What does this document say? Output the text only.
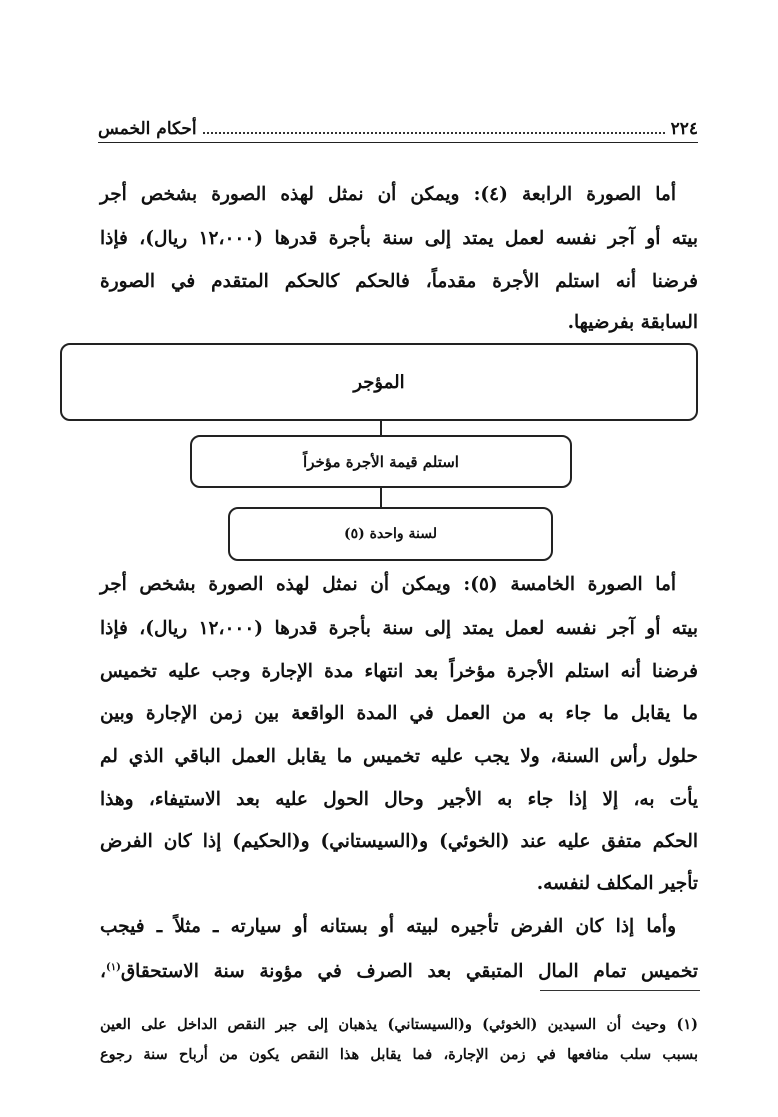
٢٢٤
أحكام الخمس
أما الصورة الرابعة (٤): ويمكن أن نمثل لهذه الصورة بشخص أجر
بيته أو آجر نفسه لعمل يمتد إلى سنة بأجرة قدرها (١٢،٠٠٠ ريال)، فإذا
فرضنا أنه استلم الأجرة مقدماً، فالحكم كالحكم المتقدم في الصورة
السابقة بفرضيها.
المؤجر
استلم قيمة الأجرة مؤخراً
لسنة واحدة (٥)
أما الصورة الخامسة (٥): ويمكن أن نمثل لهذه الصورة بشخص أجر
بيته أو آجر نفسه لعمل يمتد إلى سنة بأجرة قدرها (١٢،٠٠٠ ريال)، فإذا
فرضنا أنه استلم الأجرة مؤخراً بعد انتهاء مدة الإجارة وجب عليه تخميس
ما يقابل ما جاء به من العمل في المدة الواقعة بين زمن الإجارة وبين
حلول رأس السنة، ولا يجب عليه تخميس ما يقابل العمل الباقي الذي لم
يأت به، إلا إذا جاء به الأجير وحال الحول عليه بعد الاستيفاء، وهذا
الحكم متفق عليه عند (الخوئي) و(السيستاني) و(الحكيم) إذا كان الفرض
تأجير المكلف لنفسه.
وأما إذا كان الفرض تأجيره لبيته أو بستانه أو سيارته ـ مثلاً ـ فيجب
تخميس تمام المال المتبقي بعد الصرف في مؤونة سنة الاستحقاق$^{(١)}$،
(١) وحيث أن السيدين (الخوئي) و(السيستاني) يذهبان إلى جبر النقص الداخل على العين
بسبب سلب منافعها في زمن الإجارة، فما يقابل هذا النقص يكون من أرباح سنة رجوع
